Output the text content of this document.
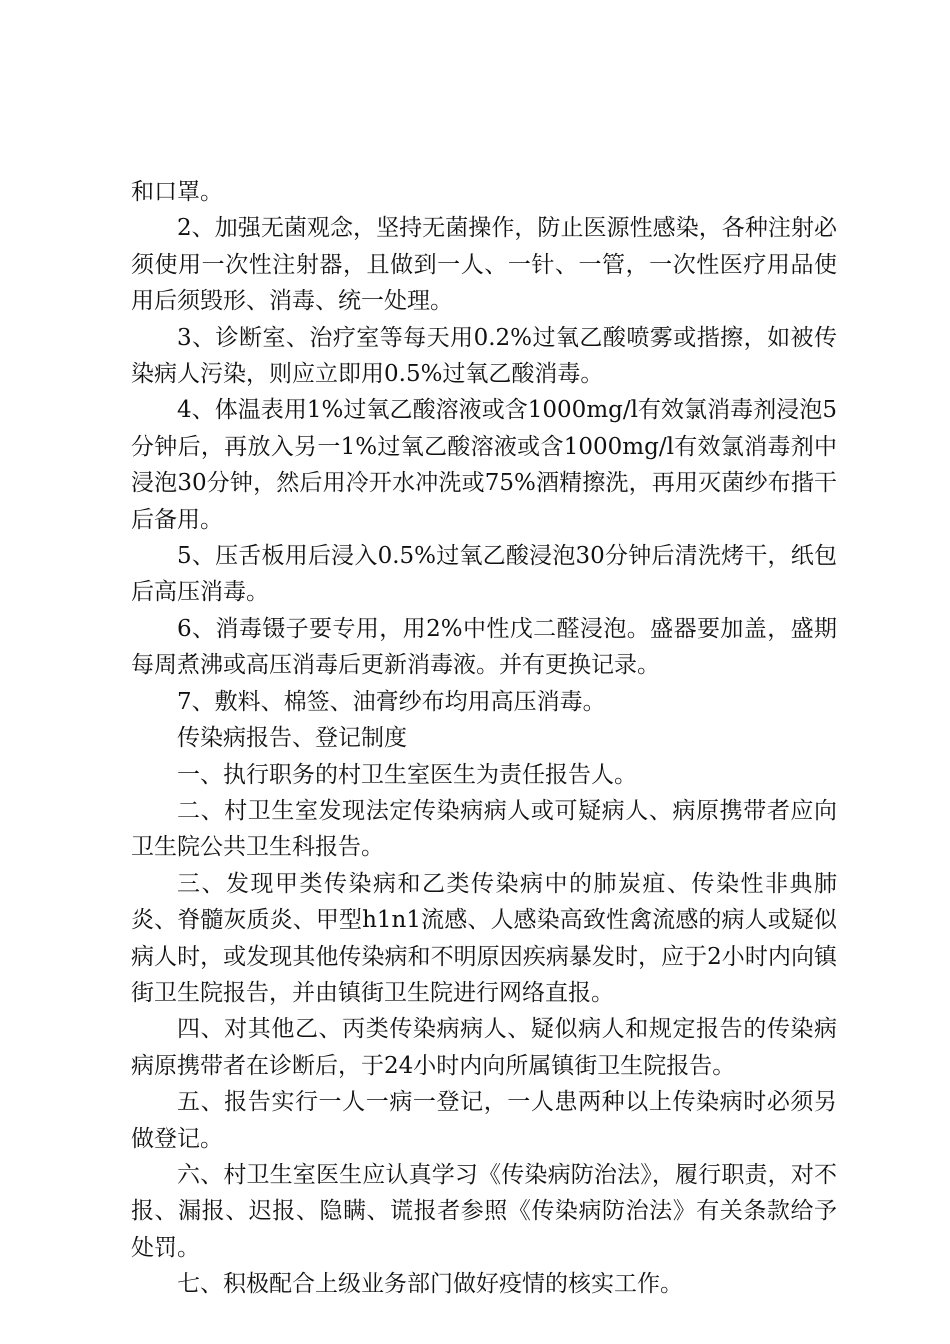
和口罩。

2、加强无菌观念，坚持无菌操作，防止医源性感染，各种注射必须使用一次性注射器，且做到一人、一针、一管，一次性医疗用品使用后须毁形、消毒、统一处理。

3、诊断室、治疗室等每天用0.2%过氧乙酸喷雾或揩擦，如被传染病人污染，则应立即用0.5%过氧乙酸消毒。

4、体温表用1%过氧乙酸溶液或含1000mg/l有效氯消毒剂浸泡5分钟后，再放入另一1%过氧乙酸溶液或含1000mg/l有效氯消毒剂中浸泡30分钟，然后用冷开水冲洗或75%酒精擦洗，再用灭菌纱布揩干后备用。

5、压舌板用后浸入0.5%过氧乙酸浸泡30分钟后清洗烤干，纸包后高压消毒。

6、消毒镊子要专用，用2%中性戊二醛浸泡。盛器要加盖，盛期每周煮沸或高压消毒后更新消毒液。并有更换记录。

7、敷料、棉签、油膏纱布均用高压消毒。

传染病报告、登记制度

一、执行职务的村卫生室医生为责任报告人。

二、村卫生室发现法定传染病病人或可疑病人、病原携带者应向卫生院公共卫生科报告。

三、发现甲类传染病和乙类传染病中的肺炭疽、传染性非典肺炎、脊髓灰质炎、甲型h1n1流感、人感染高致性禽流感的病人或疑似病人时，或发现其他传染病和不明原因疾病暴发时，应于2小时内向镇街卫生院报告，并由镇街卫生院进行网络直报。

四、对其他乙、丙类传染病病人、疑似病人和规定报告的传染病病原携带者在诊断后，于24小时内向所属镇街卫生院报告。

五、报告实行一人一病一登记，一人患两种以上传染病时必须另做登记。

六、村卫生室医生应认真学习《传染病防治法》，履行职责，对不报、漏报、迟报、隐瞒、谎报者参照《传染病防治法》有关条款给予处罚。

七、积极配合上级业务部门做好疫情的核实工作。
